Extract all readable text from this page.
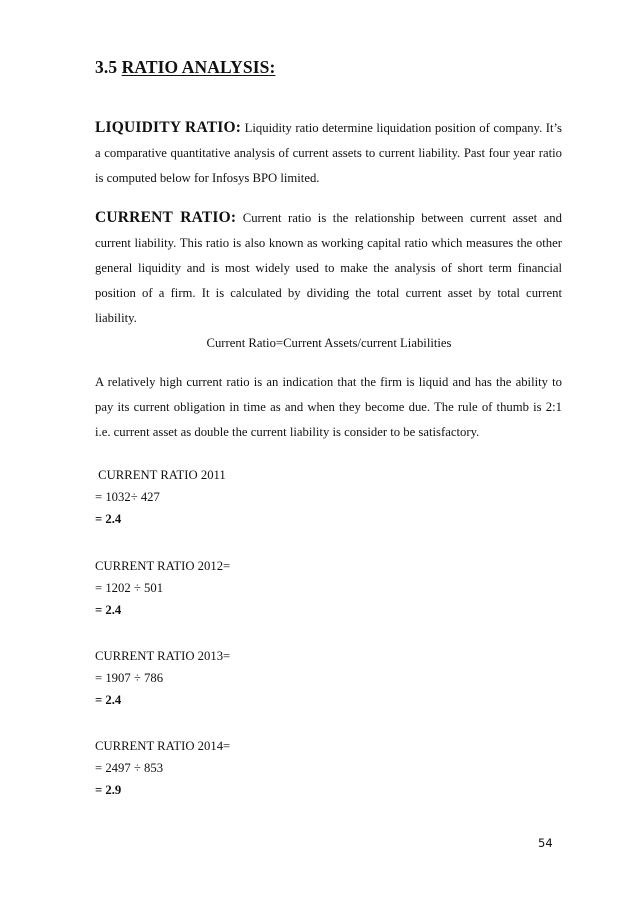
3.5 RATIO ANALYSIS:
LIQUIDITY RATIO: Liquidity ratio determine liquidation position of company. It’s a comparative quantitative analysis of current assets to current liability. Past four year ratio is computed below for Infosys BPO limited.
CURRENT RATIO: Current ratio is the relationship between current asset and current liability. This ratio is also known as working capital ratio which measures the other general liquidity and is most widely used to make the analysis of short term financial position of a firm. It is calculated by dividing the total current asset by total current liability.
Current Ratio=Current Assets/current Liabilities
A relatively high current ratio is an indication that the firm is liquid and has the ability to pay its current obligation in time as and when they become due. The rule of thumb is 2:1 i.e. current asset as double the current liability is consider to be satisfactory.
CURRENT RATIO 2011
= 1032÷ 427
= 2.4
CURRENT RATIO 2012=
= 1202 ÷ 501
= 2.4
CURRENT RATIO 2013=
= 1907 ÷ 786
= 2.4
CURRENT RATIO 2014=
= 2497 ÷ 853
= 2.9
54
